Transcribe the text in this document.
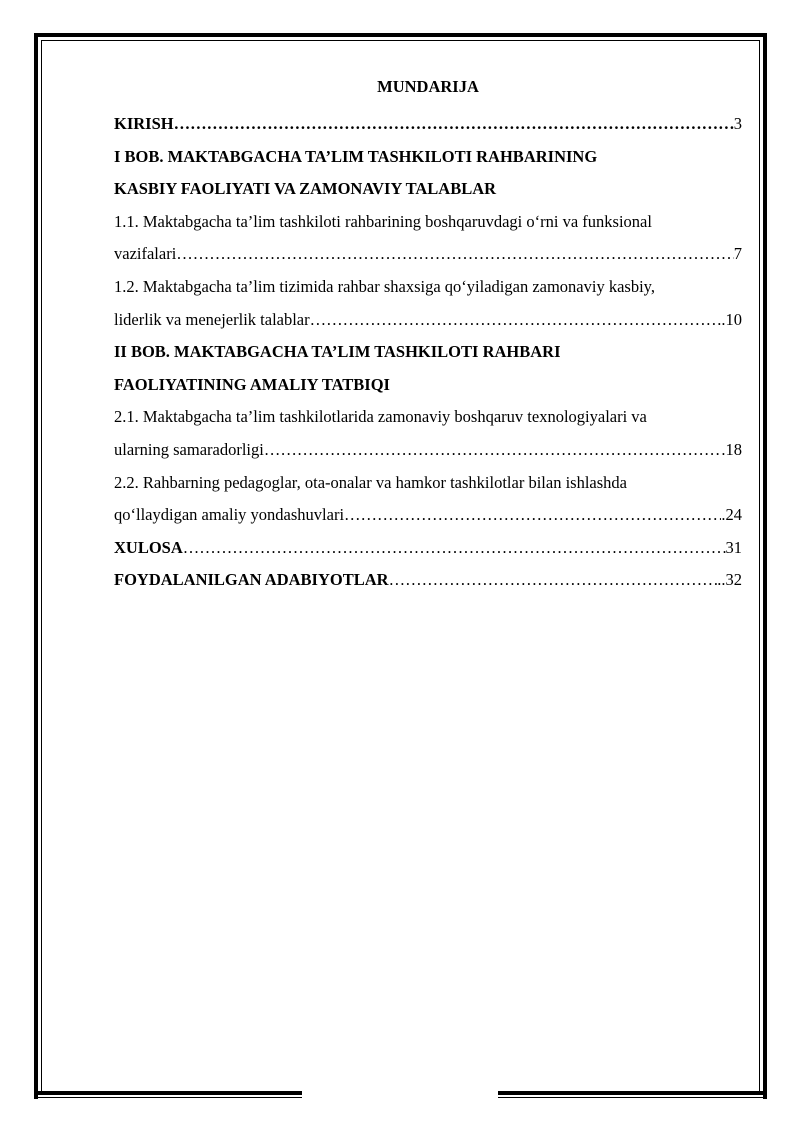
MUNDARIJA
KIRISH …………………………………………………………………………………………………………………………………………………………	3
I BOB. MAKTABGACHA TA’LIM TASHKILOTI RAHBARINING
KASBIY FAOLIYATI VA ZAMONAVIY TALABLAR
1.1. Maktabgacha ta’lim tashkiloti rahbarining boshqaruvdagi o‘rni va funksional
vazifalari …………………………………………………………………………………………………………………………………………………………	7
1.2. Maktabgacha ta’lim tizimida rahbar shaxsiga qo‘yiladigan zamonaviy kasbiy,
liderlik va menejerlik talablar …………………………………………………………………………………………………………………………………………………………	..10
II BOB. MAKTABGACHA TA’LIM TASHKILOTI RAHBARI
FAOLIYATINING AMALIY TATBIQI
2.1. Maktabgacha ta’lim tashkilotlarida zamonaviy boshqaruv texnologiyalari va
ularning samaradorligi …………………………………………………………………………………………………………………………………………………………	.18
2.2. Rahbarning pedagoglar, ota-onalar va hamkor tashkilotlar bilan ishlashda
qo‘llaydigan amaliy yondashuvlari …………………………………………………………………………………………………………………………………………………………	.24
XULOSA …………………………………………………………………………………………………………………………………………………………	31
FOYDALANILGAN ADABIYOTLAR …………………………………………………………………………………………………………………………………………………………	..32
